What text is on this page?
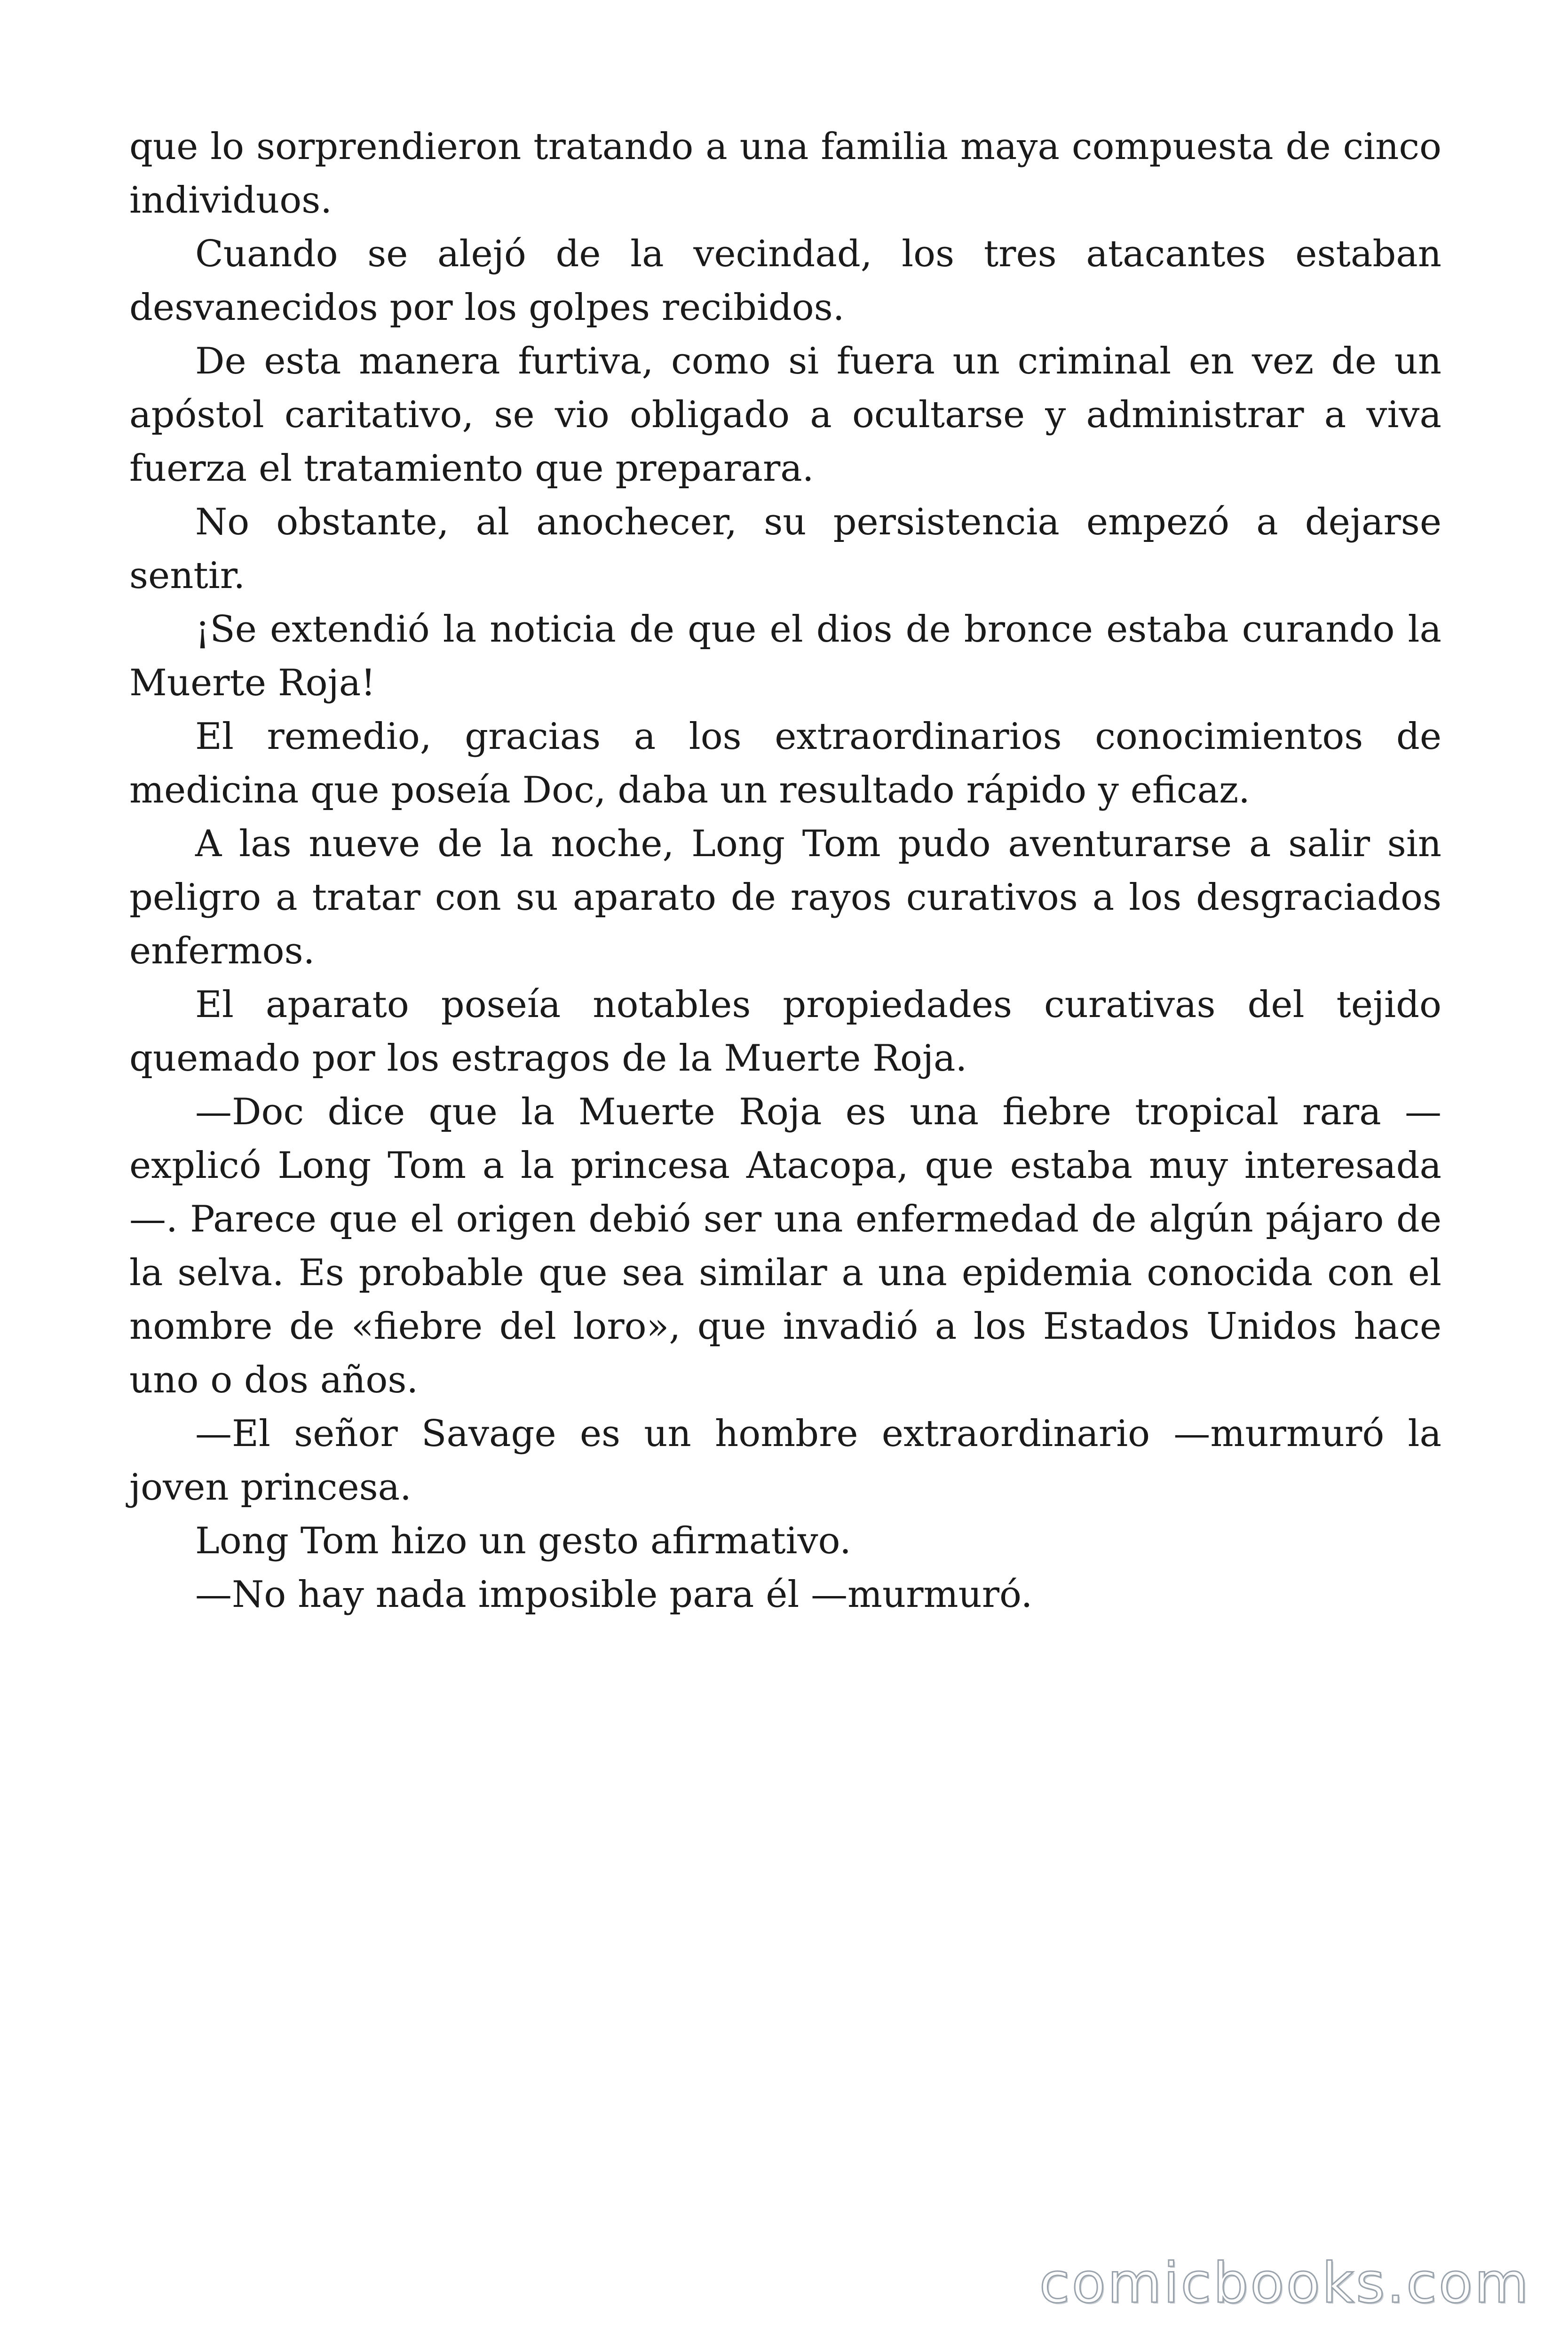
que lo sorprendieron tratando a una familia maya compuesta de cinco individuos.

Cuando se alejó de la vecindad, los tres atacantes estaban desvanecidos por los golpes recibidos.

De esta manera furtiva, como si fuera un criminal en vez de un apóstol caritativo, se vio obligado a ocultarse y administrar a viva fuerza el tratamiento que preparara.

No obstante, al anochecer, su persistencia empezó a dejarse sentir.

¡Se extendió la noticia de que el dios de bronce estaba curando la Muerte Roja!

El remedio, gracias a los extraordinarios conocimientos de medicina que poseía Doc, daba un resultado rápido y eficaz.

A las nueve de la noche, Long Tom pudo aventurarse a salir sin peligro a tratar con su aparato de rayos curativos a los desgraciados enfermos.

El aparato poseía notables propiedades curativas del tejido quemado por los estragos de la Muerte Roja.

—Doc dice que la Muerte Roja es una fiebre tropical rara —explicó Long Tom a la princesa Atacopa, que estaba muy interesada—. Parece que el origen debió ser una enfermedad de algún pájaro de la selva. Es probable que sea similar a una epidemia conocida con el nombre de «fiebre del loro», que invadió a los Estados Unidos hace uno o dos años.

—El señor Savage es un hombre extraordinario —murmuró la joven princesa.

Long Tom hizo un gesto afirmativo.

—No hay nada imposible para él —murmuró.

comicbooks.com
